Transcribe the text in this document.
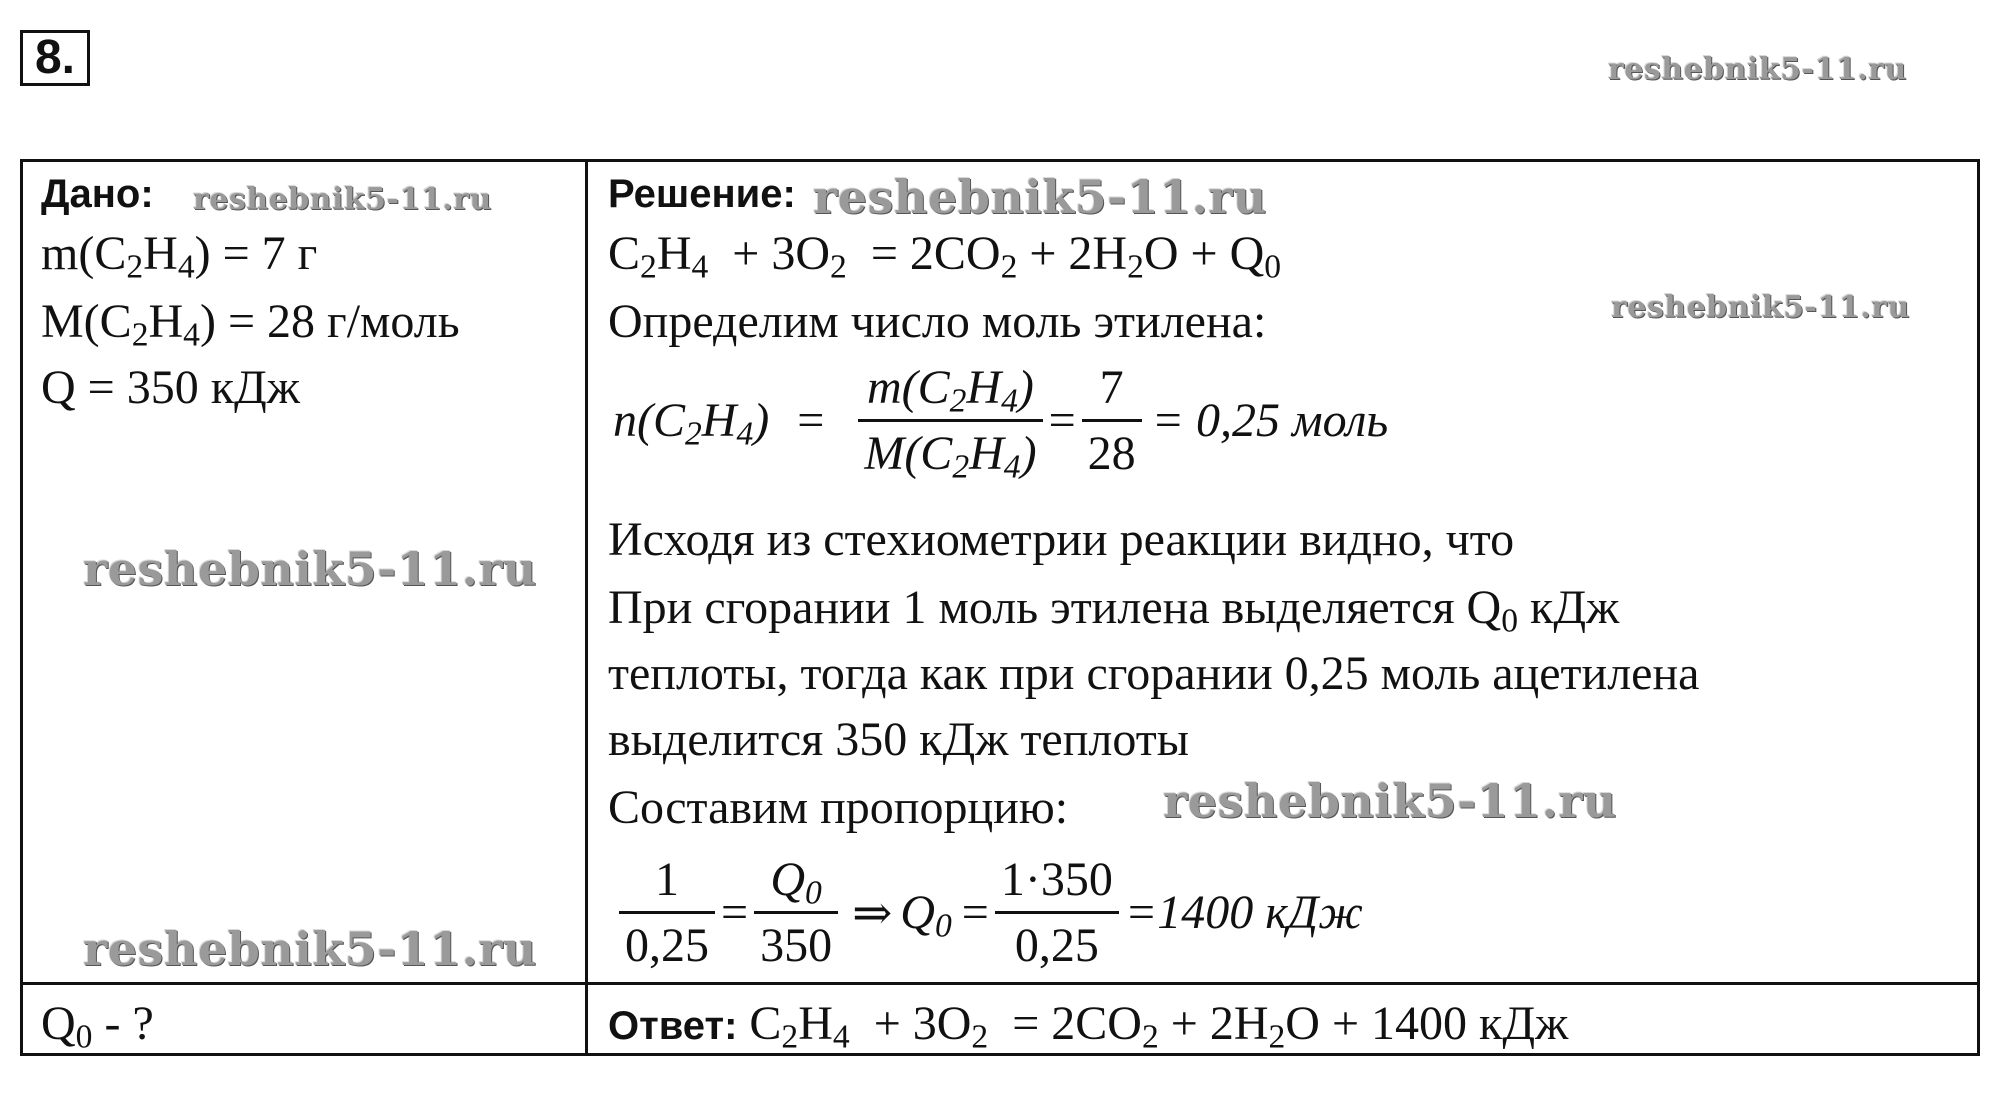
8.	reshebnik5-11.ru
Дано: reshebnik5-11.ru
$m(C_2H_4) = 7$ г
$M(C_2H_4) = 28$ г/моль
Q = 350 кДж
reshebnik5-11.ru
reshebnik5-11.ru
$Q_0$ - ?
Решение: reshebnik5-11.ru
$C_2H_4 + 3O_2 = 2CO_2 + 2H_2O + Q_0$
Определим число моль этилена:	reshebnik5-11.ru
$n(C_2H_4) = \frac{m(C_2H_4)}{M(C_2H_4)} = \frac{7}{28} = 0,25$ моль
Исходя из стехиометрии реакции видно, что
При сгорании 1 моль этилена выделяется $Q_0$ кДж
теплоты, тогда как при сгорании 0,25 моль ацетилена
выделится 350 кДж теплоты
Составим пропорцию: reshebnik5-11.ru
$\frac{1}{0,25} = \frac{Q_0}{350}$ ⇒ $Q_0 = \frac{1\cdot 350}{0,25} =1400$ кДж
Ответ: $C_2H_4 + 3O_2 = 2CO_2 + 2H_2O + 1400$ кДж
